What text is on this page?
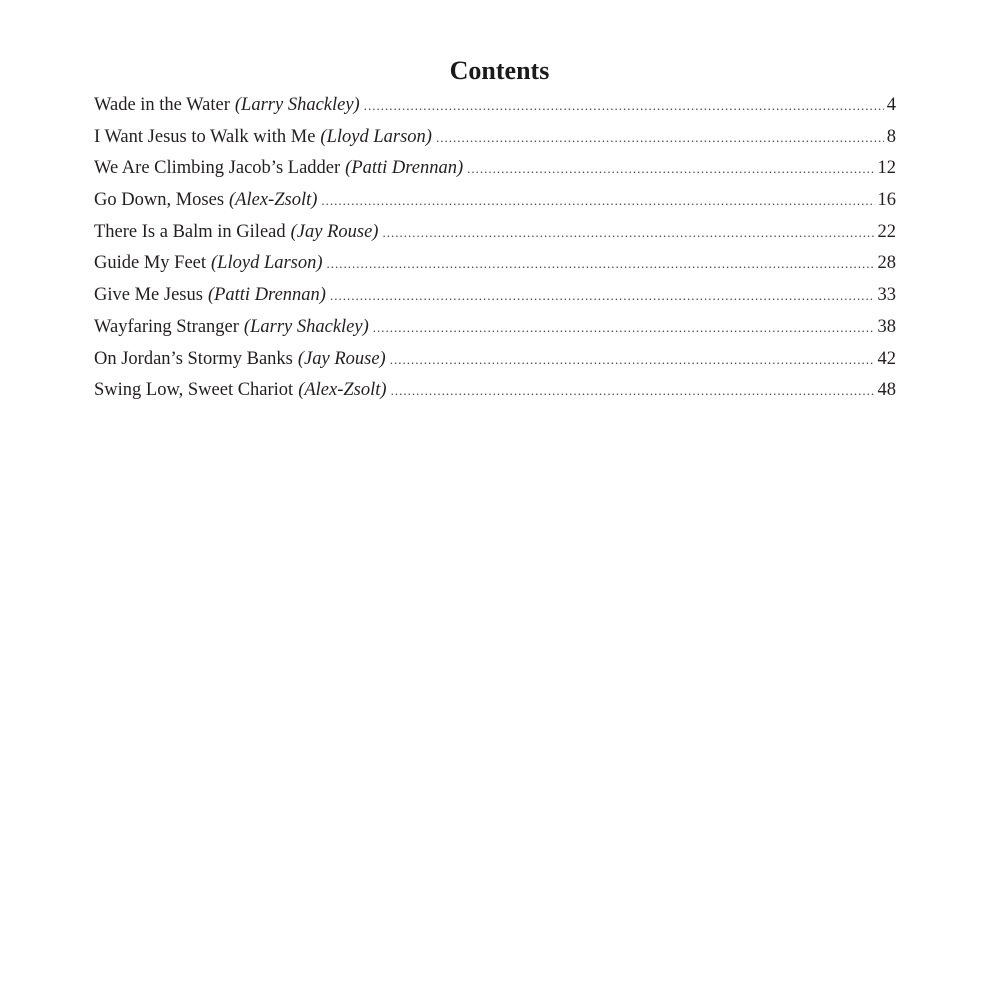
Contents
Wade in the Water (Larry Shackley) .....	4
I Want Jesus to Walk with Me (Lloyd Larson) .....	8
We Are Climbing Jacob’s Ladder (Patti Drennan) .....	12
Go Down, Moses (Alex-Zsolt) .....	16
There Is a Balm in Gilead (Jay Rouse) .....	22
Guide My Feet (Lloyd Larson) .....	28
Give Me Jesus (Patti Drennan) .....	33
Wayfaring Stranger (Larry Shackley) .....	38
On Jordan’s Stormy Banks (Jay Rouse) .....	42
Swing Low, Sweet Chariot (Alex-Zsolt) .....	48
